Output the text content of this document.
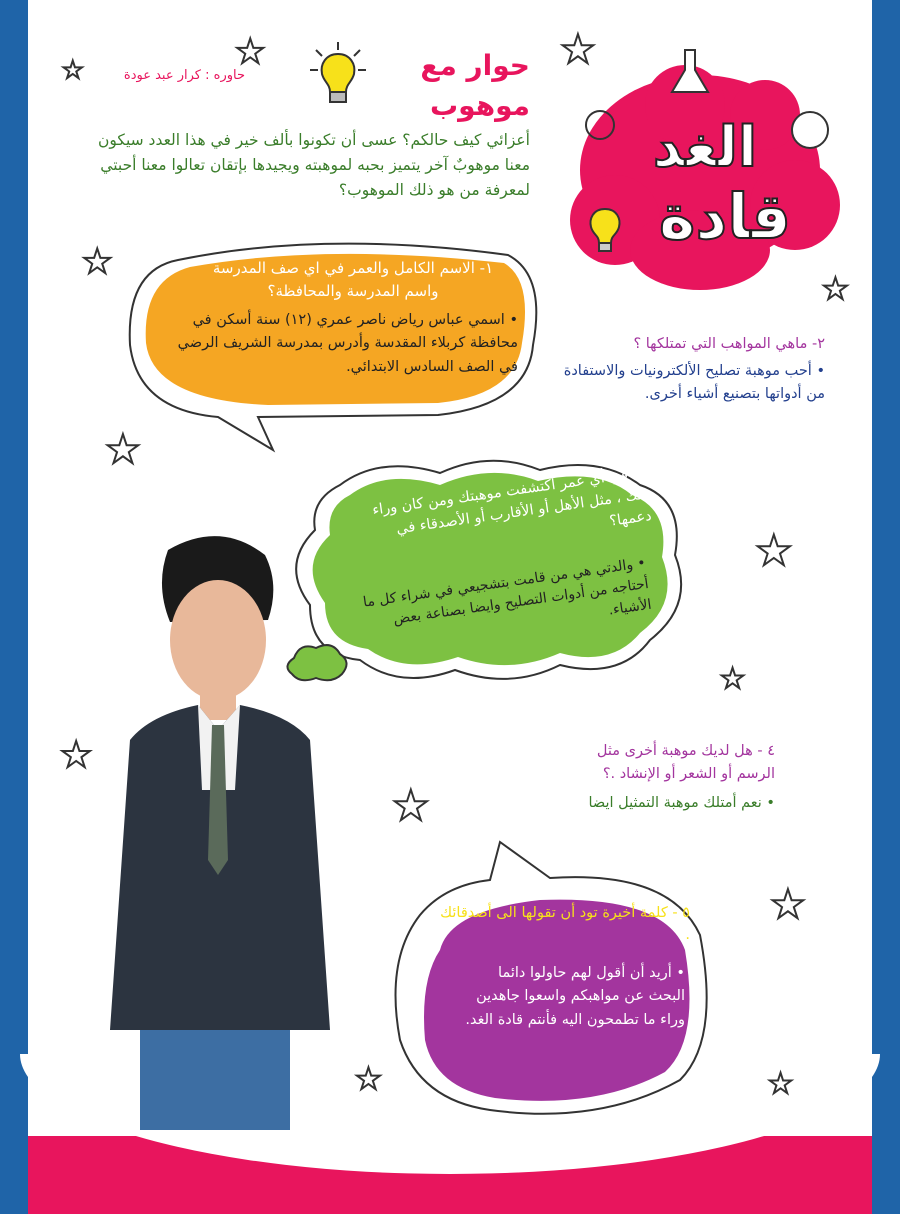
حوار مع
موهوب
حاوره : كرار عبد عودة
الغد
قادة
أعزائي كيف حالكم؟ عسى أن تكونوا بألف خير في هذا العدد سيكون معنا موهوبٌ آخر يتميز بحبه لموهبته ويجيدها بإتقان تعالوا معنا أحبتي لمعرفة من هو ذلك الموهوب؟
١- الاسم الكامل والعمر في اي صف المدرسة واسم المدرسة والمحافظة؟
• اسمي عباس رياض ناصر عمري (١٢) سنة أسكن في محافظة كربلاء المقدسة وأدرس بمدرسة الشريف الرضي في الصف السادس الابتدائي.
٢- ماهي المواهب التي تمتلكها ؟
• أحب موهبة تصليح الألكترونيات والاستفادة من أدواتها بتصنيع أشياء أخرى.
٣- في أي عمر اكتشفت موهبتك ومن كان وراء ذلك ، مثل الأهل أو الأقارب أو الأصدقاء في دعمها؟
• والدتي هي من قامت بتشجيعي في شراء كل ما أحتاجه من أدوات التصليح وايضا بصناعة بعض الأشياء.
٤ - هل لديك موهبة أخرى مثل الرسم أو الشعر أو الإنشاد .؟
• نعم أمتلك موهبة التمثيل ايضا
٥ - كلمة أخيرة تود أن تقولها الى أصدقائك .
• أريد أن أقول لهم حاولوا دائما البحث عن مواهبكم واسعوا جاهدين وراء ما تطمحون اليه فأنتم قادة الغد.
★
★	★
★
★
★
★
★
★
★
★
★	★
